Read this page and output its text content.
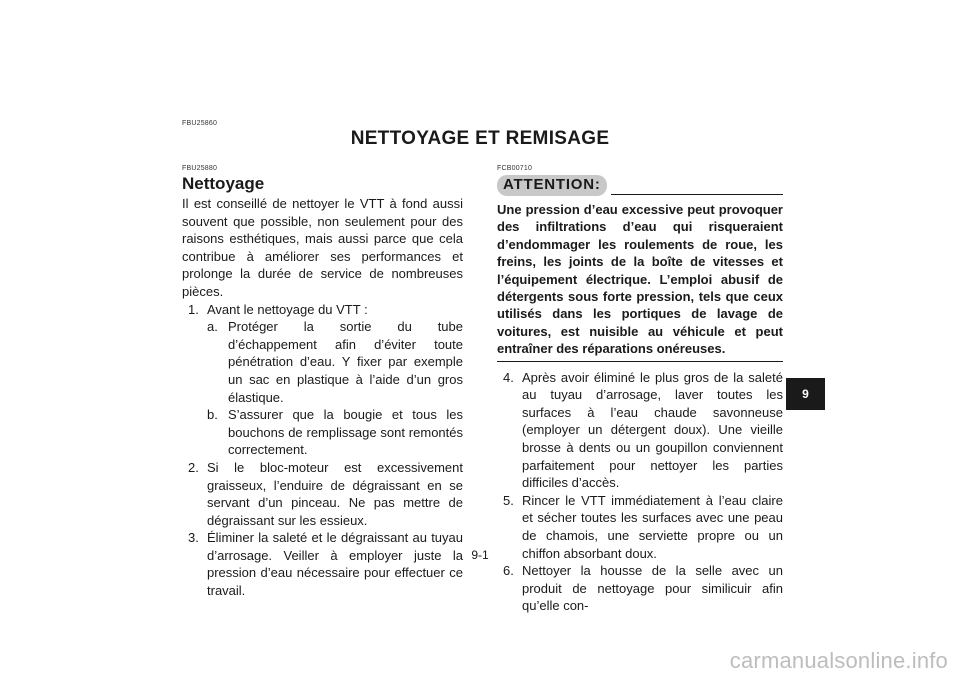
FBU25860
NETTOYAGE ET REMISAGE
FBU25880
Nettoyage

Il est conseillé de nettoyer le VTT à fond aussi souvent que possible, non seulement pour des raisons esthétiques, mais aussi parce que cela contribue à améliorer ses performances et prolonge la durée de service de nombreuses pièces.

1. Avant le nettoyage du VTT :
a. Protéger la sortie du tube d’échappement afin d’éviter toute pénétration d’eau. Y fixer par exemple un sac en plastique à l’aide d’un gros élastique.
b. S’assurer que la bougie et tous les bouchons de remplissage sont remontés correctement.
2. Si le bloc-moteur est excessivement graisseux, l’enduire de dégraissant en se servant d’un pinceau. Ne pas mettre de dégraissant sur les essieux.
3. Éliminer la saleté et le dégraissant au tuyau d’arrosage. Veiller à employer juste la pression d’eau nécessaire pour effectuer ce travail.
FCB00710
ATTENTION:

Une pression d’eau excessive peut provoquer des infiltrations d’eau qui risqueraient d’endommager les roulements de roue, les freins, les joints de la boîte de vitesses et l’équipement électrique. L’emploi abusif de détergents sous forte pression, tels que ceux utilisés dans les portiques de lavage de voitures, est nuisible au véhicule et peut entraîner des réparations onéreuses.

4. Après avoir éliminé le plus gros de la saleté au tuyau d’arrosage, laver toutes les surfaces à l’eau chaude savonneuse (employer un détergent doux). Une vieille brosse à dents ou un goupillon conviennent parfaitement pour nettoyer les parties difficiles d’accès.
5. Rincer le VTT immédiatement à l’eau claire et sécher toutes les surfaces avec une peau de chamois, une serviette propre ou un chiffon absorbant doux.
6. Nettoyer la housse de la selle avec un produit de nettoyage pour similicuir afin qu’elle con-
9
9-1
carmanualsonline.info
